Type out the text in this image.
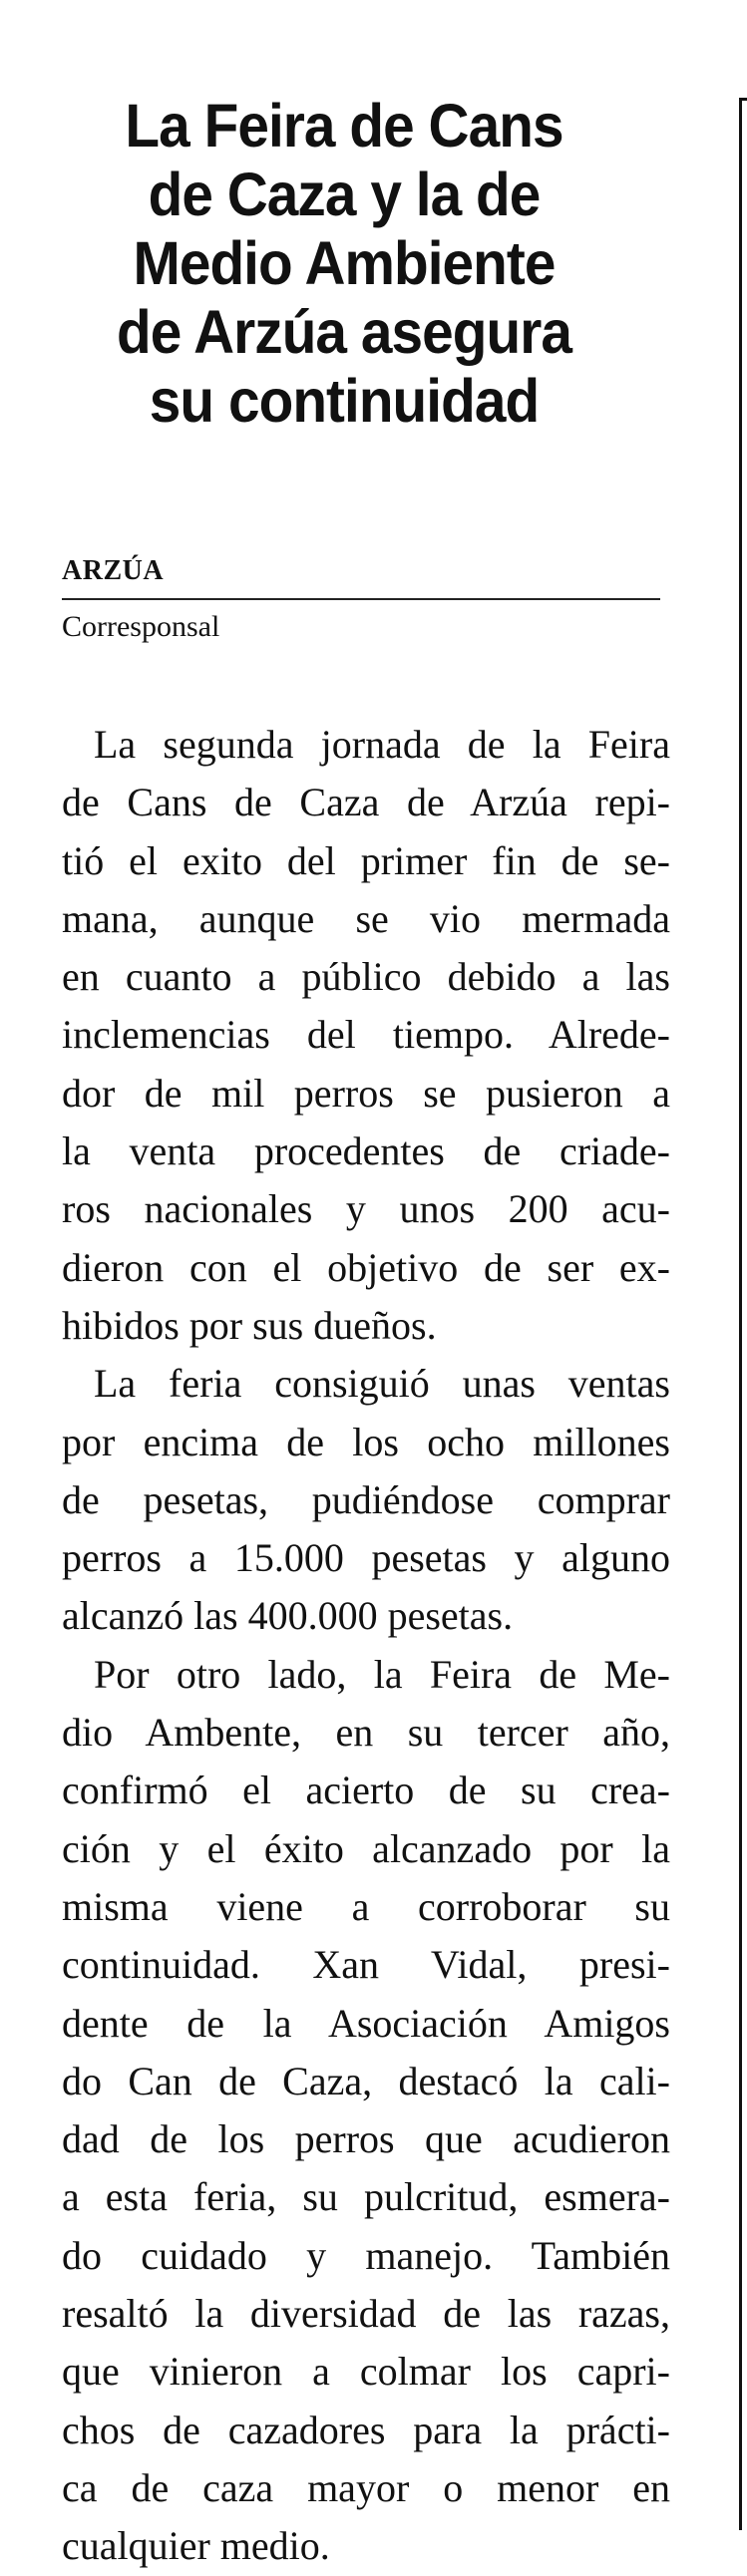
La Feira de Cans
de Caza y la de
Medio Ambiente
de Arzúa asegura
su continuidad

ARZÚA

Corresponsal

La segunda jornada de la Feira
de Cans de Caza de Arzúa repi-
tió el exito del primer fin de se-
mana, aunque se vio mermada
en cuanto a público debido a las
inclemencias del tiempo. Alrede-
dor de mil perros se pusieron a
la venta procedentes de criade-
ros nacionales y unos 200 acu-
dieron con el objetivo de ser ex-
hibidos por sus dueños.

La feria consiguió unas ventas
por encima de los ocho millones
de pesetas, pudiéndose comprar
perros a 15.000 pesetas y alguno
alcanzó las 400.000 pesetas.

Por otro lado, la Feira de Me-
dio Ambente, en su tercer año,
confirmó el acierto de su crea-
ción y el éxito alcanzado por la
misma viene a corroborar su
continuidad. Xan Vidal, presi-
dente de la Asociación Amigos
do Can de Caza, destacó la cali-
dad de los perros que acudieron
a esta feria, su pulcritud, esmera-
do cuidado y manejo. También
resaltó la diversidad de las razas,
que vinieron a colmar los capri-
chos de cazadores para la prácti-
ca de caza mayor o menor en
cualquier medio.
